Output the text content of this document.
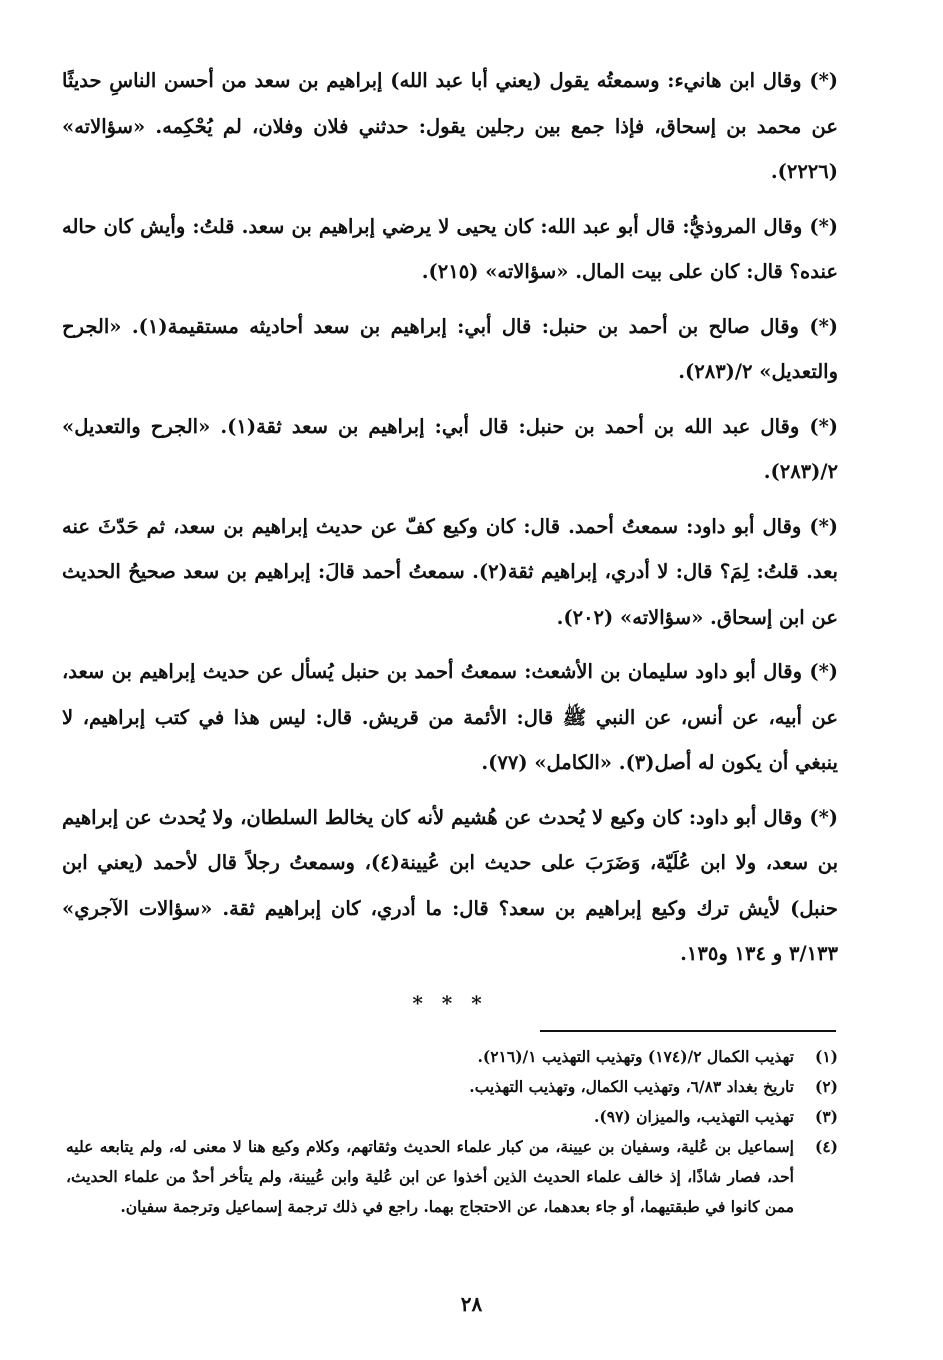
(*) وقال ابن هانيء: وسمعتُه يقول (يعني أبا عبد الله) إبراهيم بن سعد من أحسن الناسِ حديثًا عن محمد بن إسحاق، فإذا جمع بين رجلين يقول: حدثني فلان وفلان، لم يُحْكِمه. «سؤالاته» (٢٢٢٦).

(*) وقال المروذيُّ: قال أبو عبد الله: كان يحيى لا يرضي إبراهيم بن سعد. قلتُ: وأيش كان حاله عنده؟ قال: كان على بيت المال. «سؤالاته» (٢١٥).

(*) وقال صالح بن أحمد بن حنبل: قال أبي: إبراهيم بن سعد أحاديثه مستقيمة(١). «الجرح والتعديل» ٢/(٢٨٣).

(*) وقال عبد الله بن أحمد بن حنبل: قال أبي: إبراهيم بن سعد ثقة(١). «الجرح والتعديل» ٢/(٢٨٣).

(*) وقال أبو داود: سمعتُ أحمد. قال: كان وكيع كفّ عن حديث إبراهيم بن سعد، ثم حَدّثَ عنه بعد. قلتُ: لِمَ؟ قال: لا أدري، إبراهيم ثقة(٢). سمعتُ أحمد قالَ: إبراهيم بن سعد صحيحُ الحديث عن ابن إسحاق. «سؤالاته» (٢٠٢).

(*) وقال أبو داود سليمان بن الأشعث: سمعتُ أحمد بن حنبل يُسأل عن حديث إبراهيم بن سعد، عن أبيه، عن أنس، عن النبي ﷺ قال: الأئمة من قريش. قال: ليس هذا في كتب إبراهيم، لا ينبغي أن يكون له أصل(٣). «الكامل» (٧٧).

(*) وقال أبو داود: كان وكيع لا يُحدث عن هُشيم لأنه كان يخالط السلطان، ولا يُحدث عن إبراهيم بن سعد، ولا ابن عُلَيّة، وَضَرَبَ على حديث ابن عُيينة(٤)، وسمعتُ رجلاً قال لأحمد (يعني ابن حنبل) لأيش ترك وكيع إبراهيم بن سعد؟ قال: ما أدري، كان إبراهيم ثقة. «سؤالات الآجري» ٣/١٣٣ و ١٣٤ و١٣٥.

* * *
(١)
تهذيب الكمال ٢/(١٧٤) وتهذيب التهذيب ١/(٢١٦).
(٢)
تاريخ بغداد ٦/٨٣، وتهذيب الكمال، وتهذيب التهذيب.
(٣)
تهذيب التهذيب، والميزان (٩٧).
(٤)
إسماعيل بن عُلية، وسفيان بن عيينة، من كبار علماء الحديث وثقاتهم، وكلام وكيع هنا لا معنى له، ولم يتابعه عليه أحد، فصار شاذًا، إذ خالف علماء الحديث الذين أخذوا عن ابن عُلية وابن عُيينة، ولم يتأخر أحدٌ من علماء الحديث، ممن كانوا في طبقتيهما، أو جاء بعدهما، عن الاحتجاج بهما. راجع في ذلك ترجمة إسماعيل وترجمة سفيان.
٢٨
